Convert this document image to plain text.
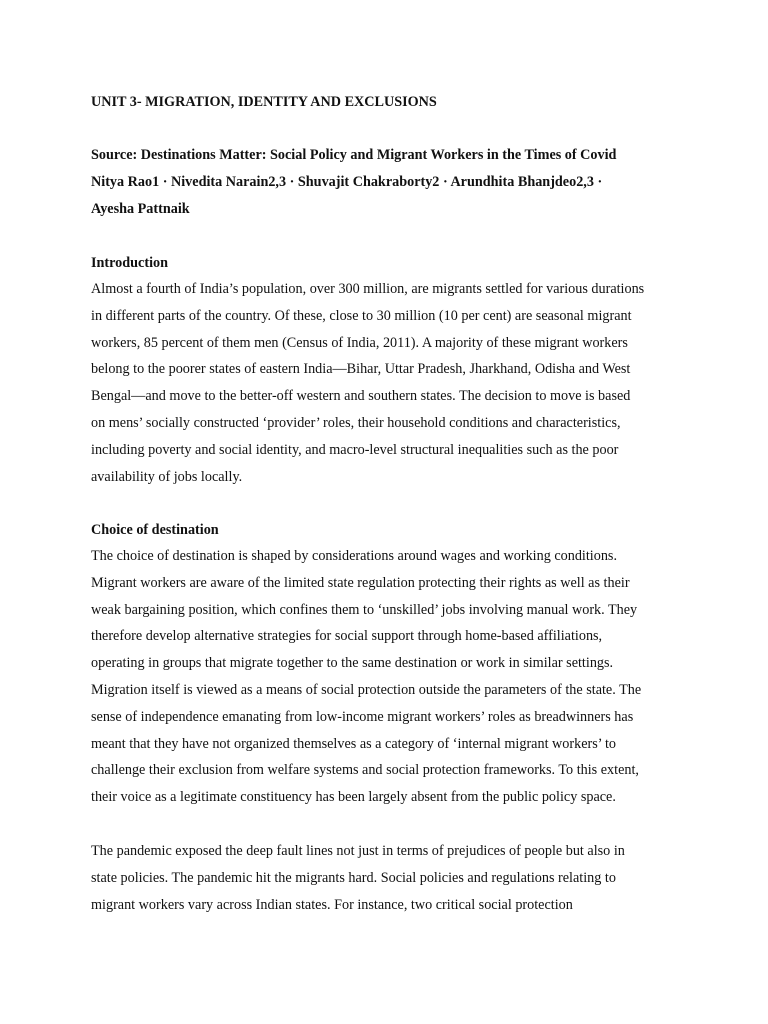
UNIT 3- MIGRATION, IDENTITY AND EXCLUSIONS
Source: Destinations Matter: Social Policy and Migrant Workers in the Times of Covid
Nitya Rao1 · Nivedita Narain2,3 · Shuvajit Chakraborty2 · Arundhita Bhanjdeo2,3 ·
Ayesha Pattnaik
Introduction
Almost a fourth of India’s population, over 300 million, are migrants settled for various durations
in different parts of the country. Of these, close to 30 million (10 per cent) are seasonal migrant
workers, 85 percent of them men (Census of India, 2011). A majority of these migrant workers
belong to the poorer states of eastern India—Bihar, Uttar Pradesh, Jharkhand, Odisha and West
Bengal—and move to the better-off western and southern states. The decision to move is based
on mens’ socially constructed ‘provider’ roles, their household conditions and characteristics,
including poverty and social identity, and macro-level structural inequalities such as the poor
availability of jobs locally.
Choice of destination
The choice of destination is shaped by considerations around wages and working conditions.
Migrant workers are aware of the limited state regulation protecting their rights as well as their
weak bargaining position, which confines them to ‘unskilled’ jobs involving manual work. They
therefore develop alternative strategies for social support through home-based affiliations,
operating in groups that migrate together to the same destination or work in similar settings.
Migration itself is viewed as a means of social protection outside the parameters of the state. The
sense of independence emanating from low-income migrant workers’ roles as breadwinners has
meant that they have not organized themselves as a category of ‘internal migrant workers’ to
challenge their exclusion from welfare systems and social protection frameworks. To this extent,
their voice as a legitimate constituency has been largely absent from the public policy space.
The pandemic exposed the deep fault lines not just in terms of prejudices of people but also in
state policies. The pandemic hit the migrants hard. Social policies and regulations relating to
migrant workers vary across Indian states. For instance, two critical social protection
